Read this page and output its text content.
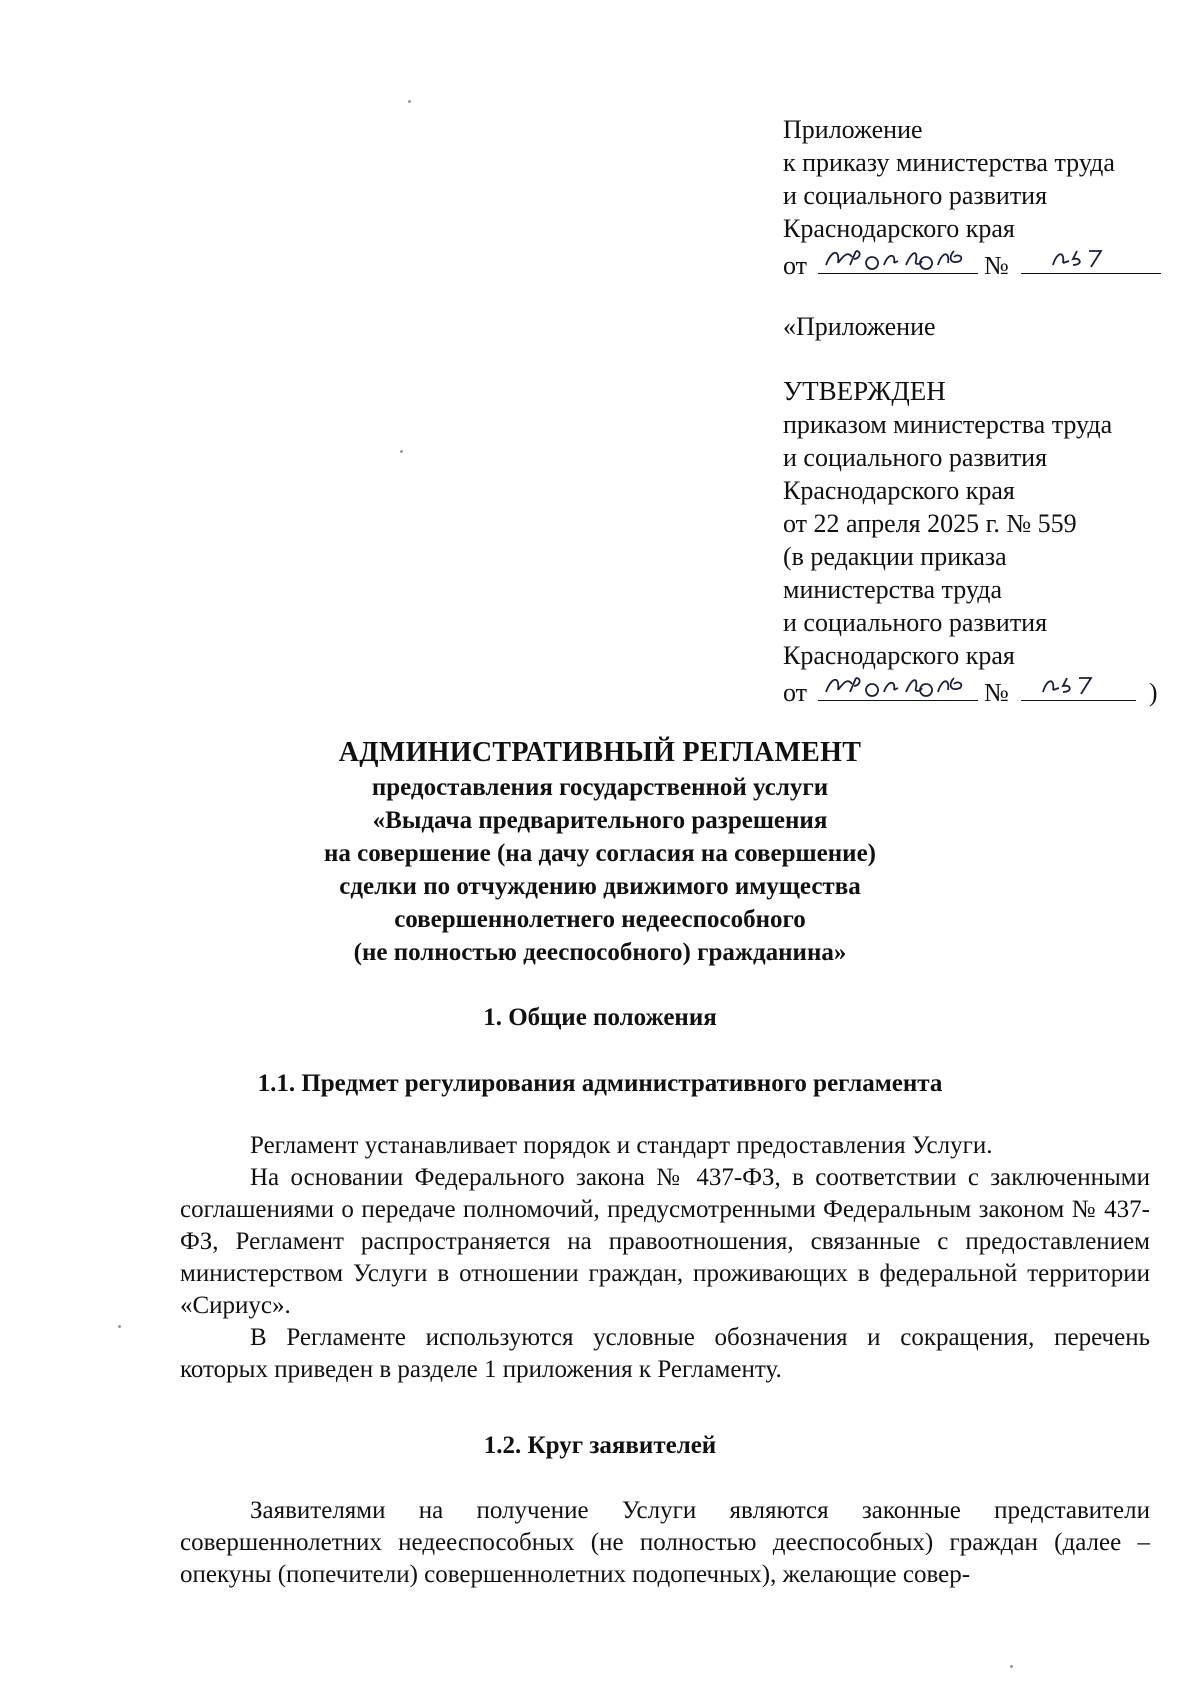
Приложение
к приказу министерства труда
и социального развития
Краснодарского края
от	№
«Приложение
УТВЕРЖДЕН
приказом министерства труда
и социального развития
Краснодарского края
от 22 апреля 2025 г. № 559
(в редакции приказа
министерства труда
и социального развития
Краснодарского края
от	№	)
АДМИНИСТРАТИВНЫЙ РЕГЛАМЕНТ
предоставления государственной услуги
«Выдача предварительного разрешения
на совершение (на дачу согласия на совершение)
сделки по отчуждению движимого имущества
совершеннолетнего недееспособного
(не полностью дееспособного) гражданина»
1. Общие положения
1.1. Предмет регулирования административного регламента

Регламент устанавливает порядок и стандарт предоставления Услуги.

На основании Федерального закона № 437-ФЗ, в соответствии с заключенными соглашениями о передаче полномочий, предусмотренными Федеральным законом № 437-ФЗ, Регламент распространяется на правоотношения, связанные с предоставлением министерством Услуги в отношении граждан, проживающих в федеральной территории «Сириус».

В Регламенте используются условные обозначения и сокращения, перечень которых приведен в разделе 1 приложения к Регламенту.

1.2. Круг заявителей

Заявителями на получение Услуги являются законные представители совершеннолетних недееспособных (не полностью дееспособных) граждан (далее – опекуны (попечители) совершеннолетних подопечных), желающие совер-
